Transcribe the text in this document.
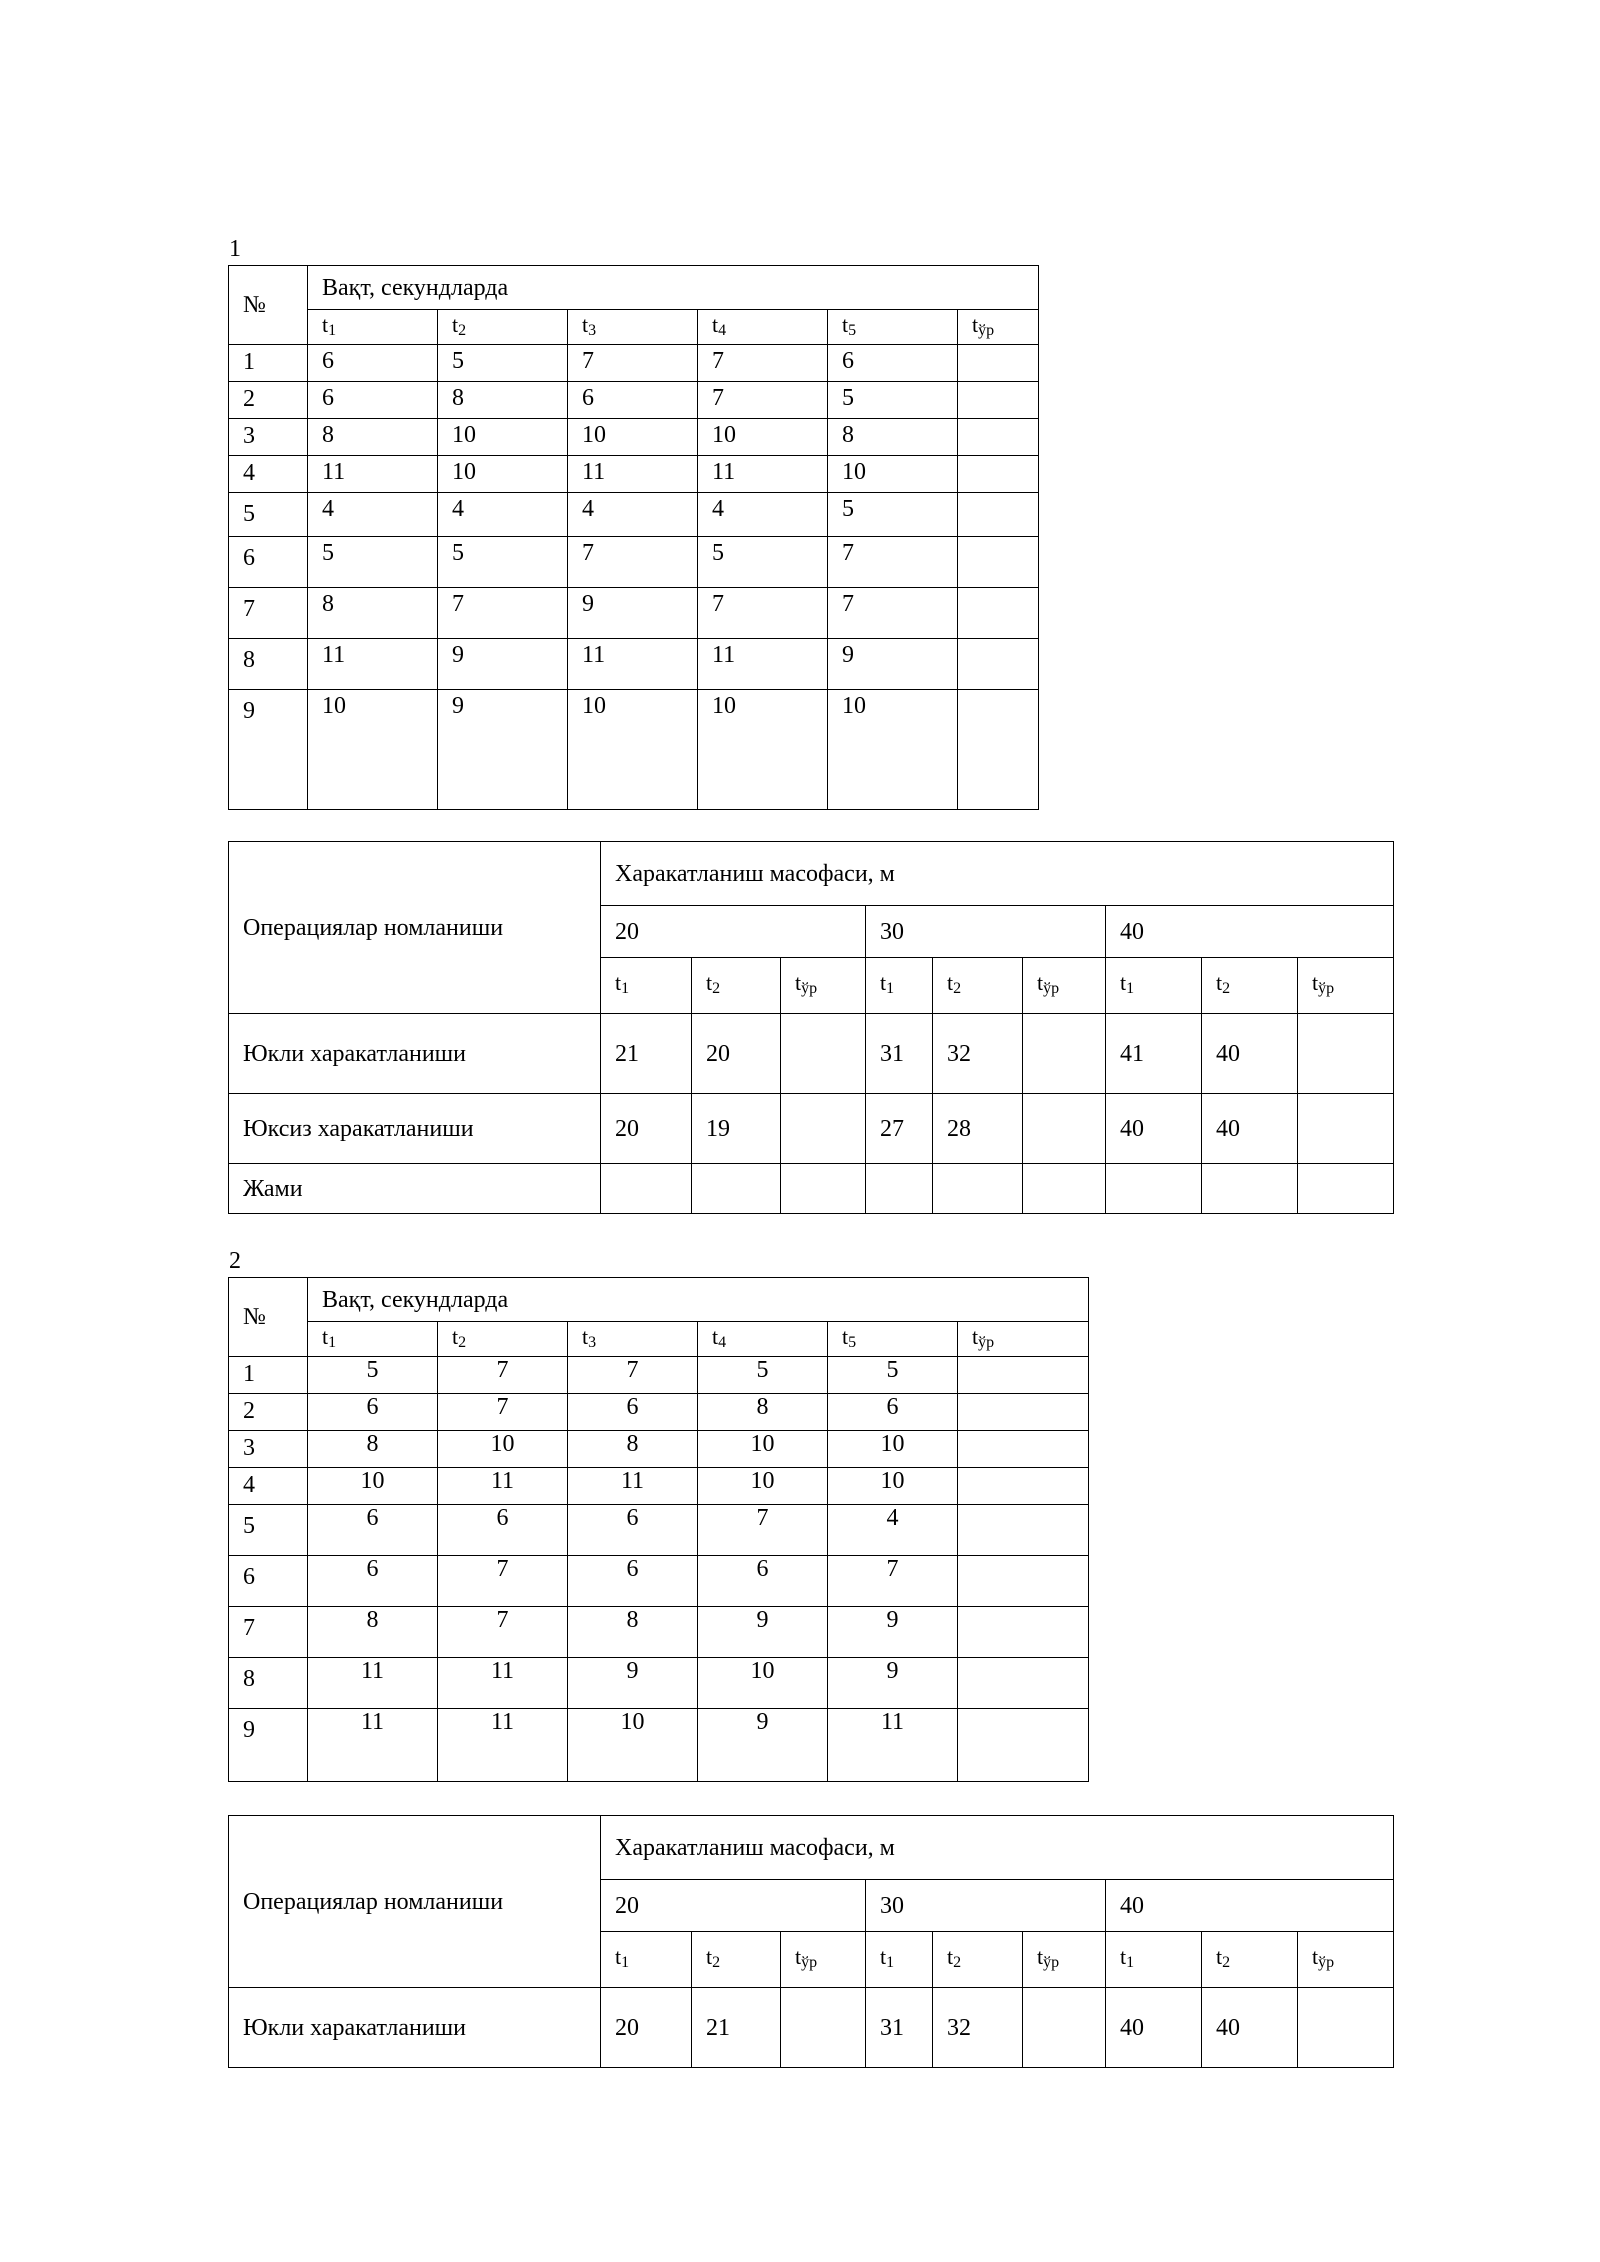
1
№	Вақт, секундларда					
	t1	t2	t3	t4	t5	tўр
1	6	5	7	7	6	
2	6	8	6	7	5	
3	8	10	10	10	8	
4	11	10	11	11	10	
5	4	4	4	4	5	
6	5	5	7	5	7	
7	8	7	9	7	7	
8	11	9	11	11	9	
9	10	9	10	10	10	
Операциялар номланиши	Харакатланиш масофаси, м								
	20			30			40		
	t1	t2	tўр	t1	t2	tўр	t1	t2	tўр
Юкли харакатланиши	21	20		31	32		41	40	
Юксиз харакатланиши	20	19		27	28		40	40	
Жами									
2
№	Вақт, секундларда					
	t1	t2	t3	t4	t5	tўр
1	5	7	7	5	5	
2	6	7	6	8	6	
3	8	10	8	10	10	
4	10	11	11	10	10	
5	6	6	6	7	4	
6	6	7	6	6	7	
7	8	7	8	9	9	
8	11	11	9	10	9	
9	11	11	10	9	11	
Операциялар номланиши	Харакатланиш масофаси, м								
	20			30			40		
	t1	t2	tўр	t1	t2	tўр	t1	t2	tўр
Юкли харакатланиши	20	21		31	32		40	40	
